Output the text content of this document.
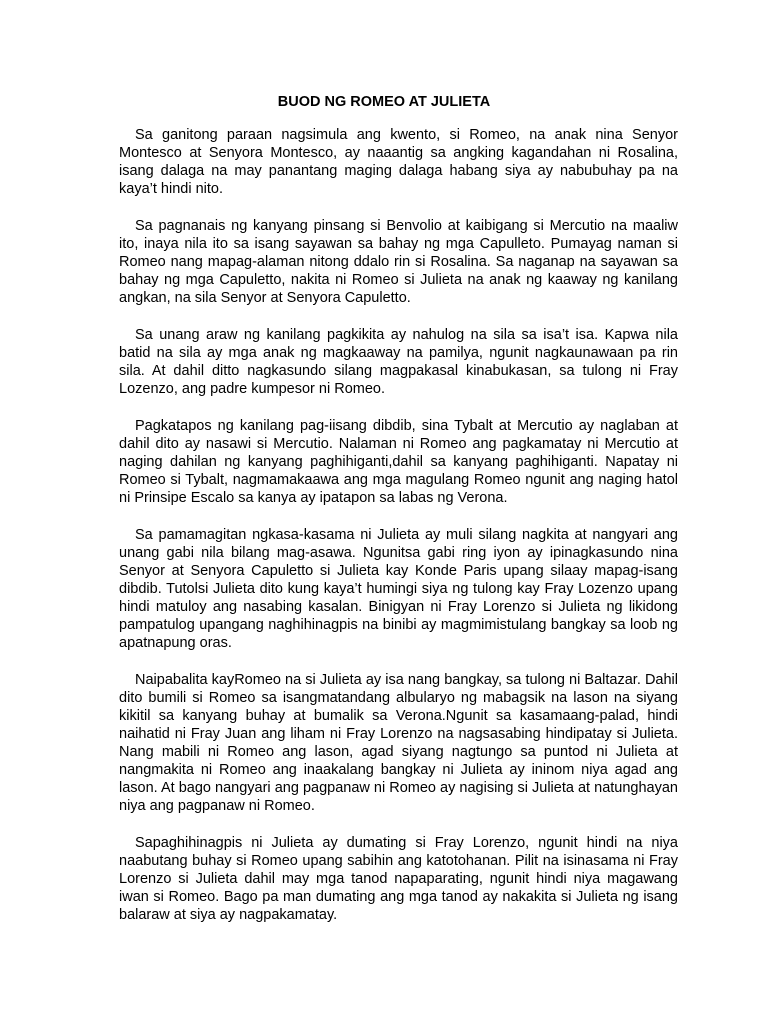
BUOD NG ROMEO AT JULIETA

Sa ganitong paraan nagsimula ang kwento, si Romeo, na anak nina Senyor Montesco at Senyora Montesco, ay naaantig sa angking kagandahan ni Rosalina, isang dalaga na may panantang maging dalaga habang siya ay nabubuhay pa na kaya’t hindi nito.

Sa pagnanais ng kanyang pinsang si Benvolio at kaibigang si Mercutio na maaliw ito, inaya nila ito sa isang sayawan sa bahay ng mga Capulleto. Pumayag naman si Romeo nang mapag-alaman nitong ddalo rin si Rosalina. Sa naganap na sayawan sa bahay ng mga Capuletto, nakita ni Romeo si Julieta na anak ng kaaway ng kanilang angkan, na sila Senyor at Senyora Capuletto.

Sa unang araw ng kanilang pagkikita ay nahulog na sila sa isa’t isa. Kapwa nila batid na sila ay mga anak ng magkaaway na pamilya, ngunit nagkaunawaan pa rin sila. At dahil ditto nagkasundo silang magpakasal kinabukasan, sa tulong ni Fray Lozenzo, ang padre kumpesor ni Romeo.

Pagkatapos ng kanilang pag-iisang dibdib, sina Tybalt at Mercutio ay naglaban at dahil dito ay nasawi si Mercutio. Nalaman ni Romeo ang pagkamatay ni Mercutio at naging dahilan ng kanyang paghihiganti,dahil sa kanyang paghihiganti. Napatay ni Romeo si Tybalt, nagmamakaawa ang mga magulang Romeo ngunit ang naging hatol ni Prinsipe Escalo sa kanya ay ipatapon sa labas ng Verona.

Sa pamamagitan ngkasa-kasama ni Julieta ay muli silang nagkita at nangyari ang unang gabi nila bilang mag-asawa. Ngunitsa gabi ring iyon ay ipinagkasundo nina Senyor at Senyora Capuletto si Julieta kay Konde Paris upang silaay mapag-isang dibdib. Tutolsi Julieta dito kung kaya’t humingi siya ng tulong kay Fray Lozenzo upang hindi matuloy ang nasabing kasalan. Binigyan ni Fray Lorenzo si Julieta ng likidong pampatulog upangang naghihinagpis na binibi ay magmimistulang bangkay sa loob ng apatnapung oras.

Naipabalita kayRomeo na si Julieta ay isa nang bangkay, sa tulong ni Baltazar. Dahil dito bumili si Romeo sa isangmatandang albularyo ng mabagsik na lason na siyang kikitil sa kanyang buhay at bumalik sa Verona.Ngunit sa kasamaang-palad, hindi naihatid ni Fray Juan ang liham ni Fray Lorenzo na nagsasabing hindipatay si Julieta. Nang mabili ni Romeo ang lason, agad siyang nagtungo sa puntod ni Julieta at nangmakita ni Romeo ang inaakalang bangkay ni Julieta ay ininom niya agad ang lason. At bago nangyari ang pagpanaw ni Romeo ay nagising si Julieta at natunghayan niya ang pagpanaw ni Romeo.

Sapaghihinagpis ni Julieta ay dumating si Fray Lorenzo, ngunit hindi na niya naabutang buhay si Romeo upang sabihin ang katotohanan. Pilit na isinasama ni Fray Lorenzo si Julieta dahil may mga tanod napaparating, ngunit hindi niya magawang iwan si Romeo. Bago pa man dumating ang mga tanod ay nakakita si Julieta ng isang balaraw at siya ay nagpakamatay.
